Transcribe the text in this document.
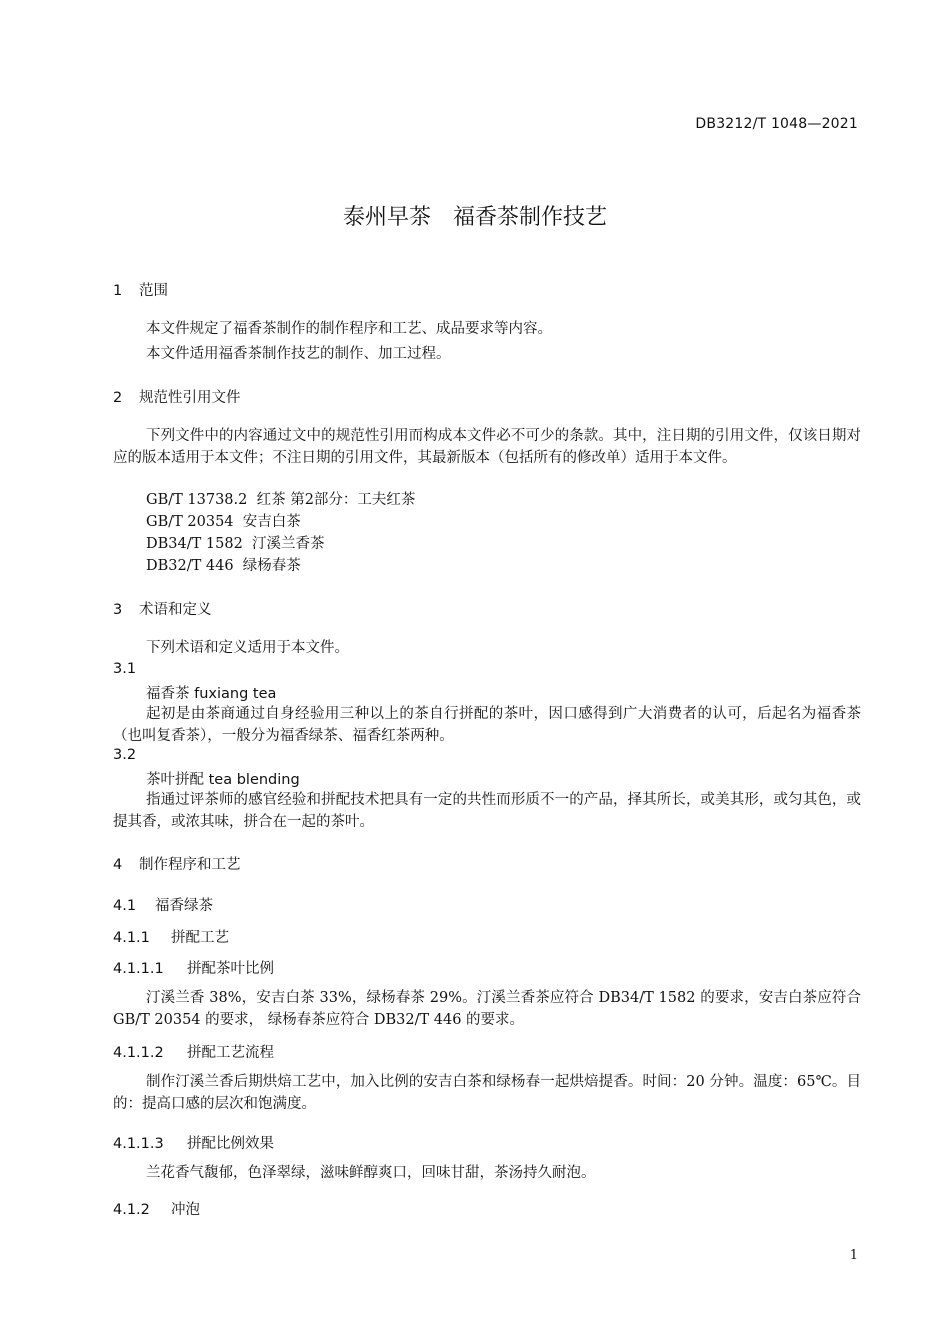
DB3212/T 1048—2021
泰州早茶　福香茶制作技艺
1 范围
本文件规定了福香茶制作的制作程序和工艺、成品要求等内容。
本文件适用福香茶制作技艺的制作、加工过程。
2 规范性引用文件
下列文件中的内容通过文中的规范性引用而构成本文件必不可少的条款。其中，注日期的引用文件，仅该日期对应的版本适用于本文件；不注日期的引用文件，其最新版本（包括所有的修改单）适用于本文件。
GB/T 13738.2  红茶 第2部分：工夫红茶
GB/T 20354  安吉白茶
DB34/T 1582  汀溪兰香茶
DB32/T 446  绿杨春茶
3 术语和定义
下列术语和定义适用于本文件。
3.1
福香茶 fuxiang tea
起初是由茶商通过自身经验用三种以上的茶自行拼配的茶叶，因口感得到广大消费者的认可，后起名为福香茶（也叫复香茶），一般分为福香绿茶、福香红茶两种。
3.2
茶叶拼配 tea blending
指通过评茶师的感官经验和拼配技术把具有一定的共性而形质不一的产品，择其所长，或美其形，或匀其色，或提其香，或浓其味，拼合在一起的茶叶。
4 制作程序和工艺
4.1 福香绿茶
4.1.1 拼配工艺
4.1.1.1 拼配茶叶比例
汀溪兰香 38%，安吉白茶 33%，绿杨春茶 29%。汀溪兰香茶应符合 DB34/T 1582 的要求，安吉白茶应符合 GB/T 20354 的要求， 绿杨春茶应符合 DB32/T 446 的要求。
4.1.1.2 拼配工艺流程
制作汀溪兰香后期烘焙工艺中，加入比例的安吉白茶和绿杨春一起烘焙提香。时间：20 分钟。温度：65℃。目的：提高口感的层次和饱满度。
4.1.1.3 拼配比例效果
兰花香气馥郁，色泽翠绿，滋味鲜醇爽口，回味甘甜，茶汤持久耐泡。
4.1.2 冲泡
1
